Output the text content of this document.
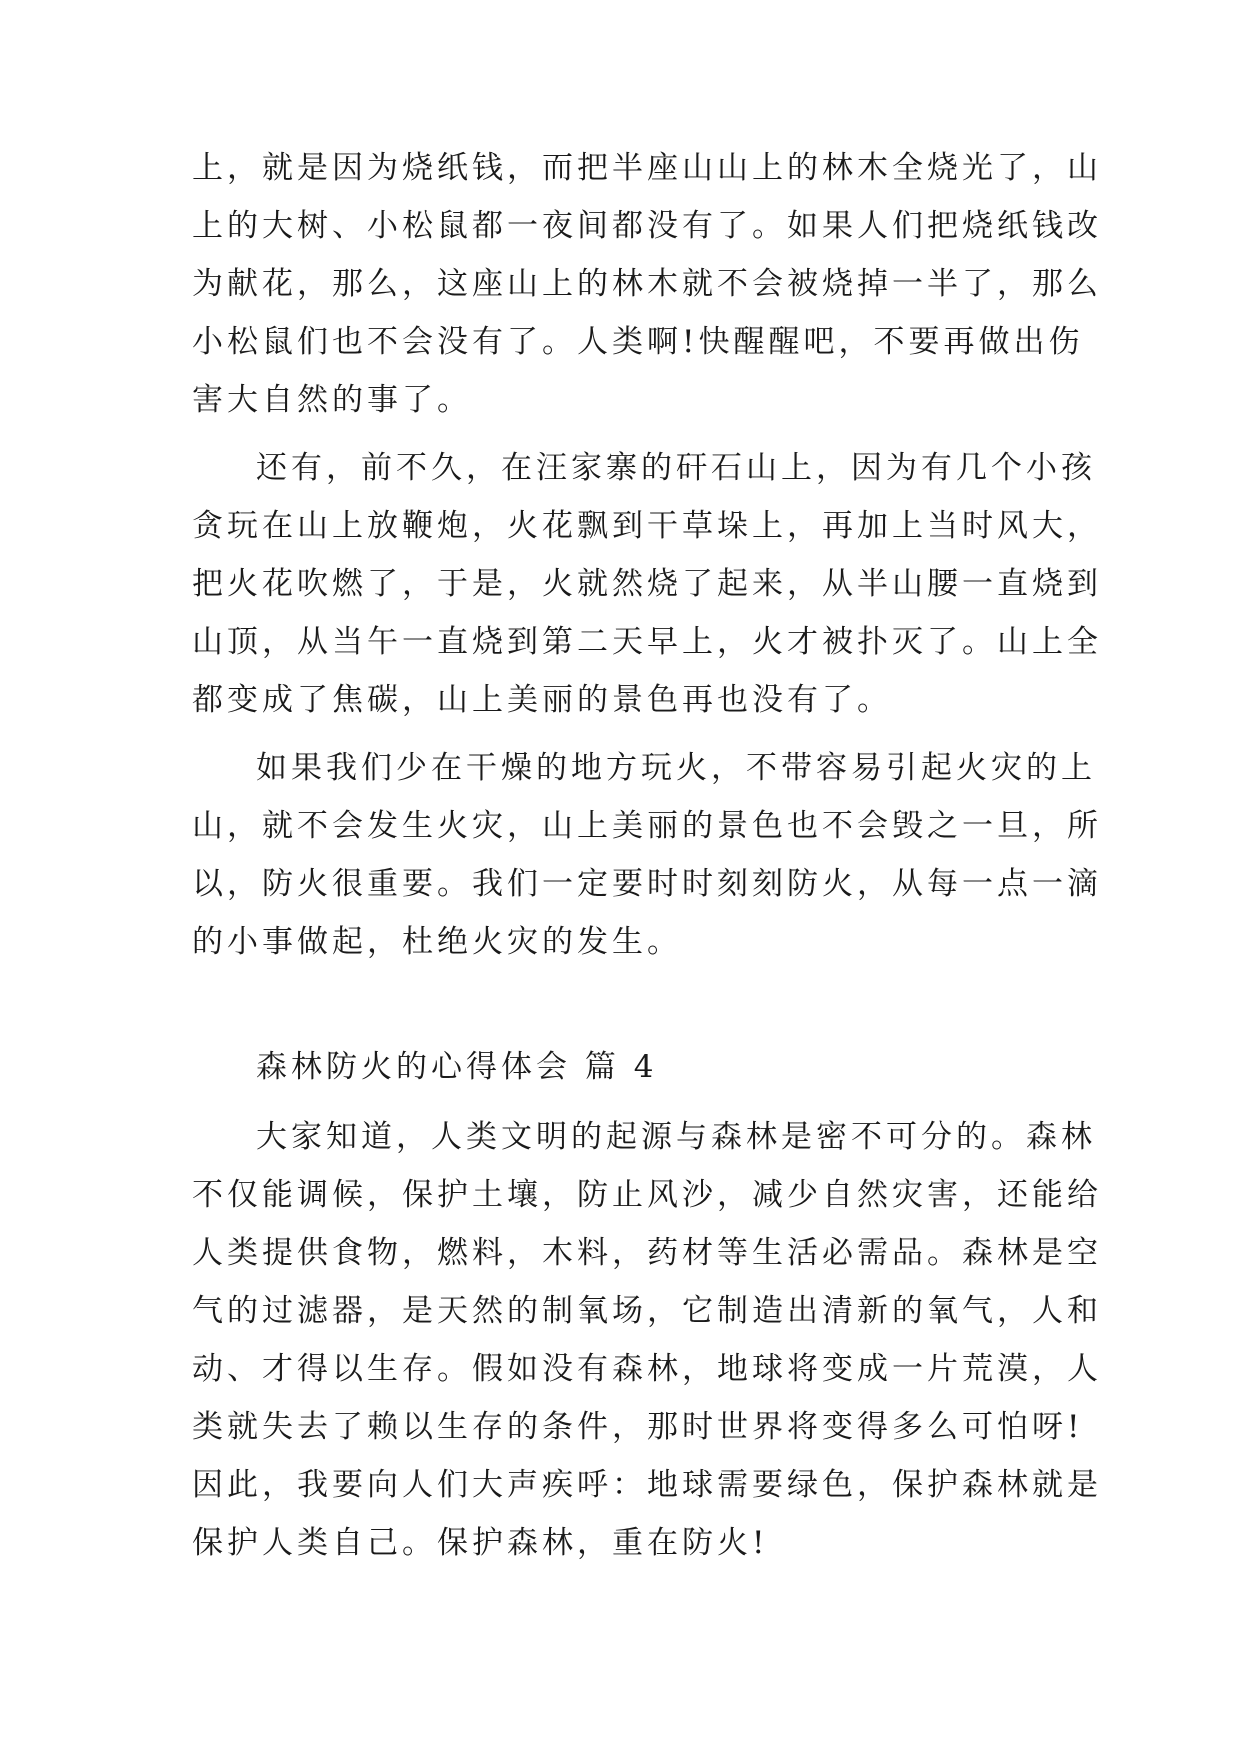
上，就是因为烧纸钱，而把半座山山上的林木全烧光了，山

上的大树、小松鼠都一夜间都没有了。如果人们把烧纸钱改

为献花，那么，这座山上的林木就不会被烧掉一半了，那么

小松鼠们也不会没有了。人类啊!快醒醒吧，不要再做出伤

害大自然的事了。

还有，前不久，在汪家寨的矸石山上，因为有几个小孩

贪玩在山上放鞭炮，火花飘到干草垛上，再加上当时风大，

把火花吹燃了，于是，火就然烧了起来，从半山腰一直烧到

山顶，从当午一直烧到第二天早上，火才被扑灭了。山上全

都变成了焦碳，山上美丽的景色再也没有了。

如果我们少在干燥的地方玩火，不带容易引起火灾的上

山，就不会发生火灾，山上美丽的景色也不会毁之一旦，所

以，防火很重要。我们一定要时时刻刻防火，从每一点一滴

的小事做起，杜绝火灾的发生。

森林防火的心得体会 篇 4

大家知道，人类文明的起源与森林是密不可分的。森林

不仅能调候，保护土壤，防止风沙，减少自然灾害，还能给

人类提供食物，燃料，木料，药材等生活必需品。森林是空

气的过滤器，是天然的制氧场，它制造出清新的氧气，人和

动、才得以生存。假如没有森林，地球将变成一片荒漠，人

类就失去了赖以生存的条件，那时世界将变得多么可怕呀!

因此，我要向人们大声疾呼：地球需要绿色，保护森林就是

保护人类自己。保护森林，重在防火!
